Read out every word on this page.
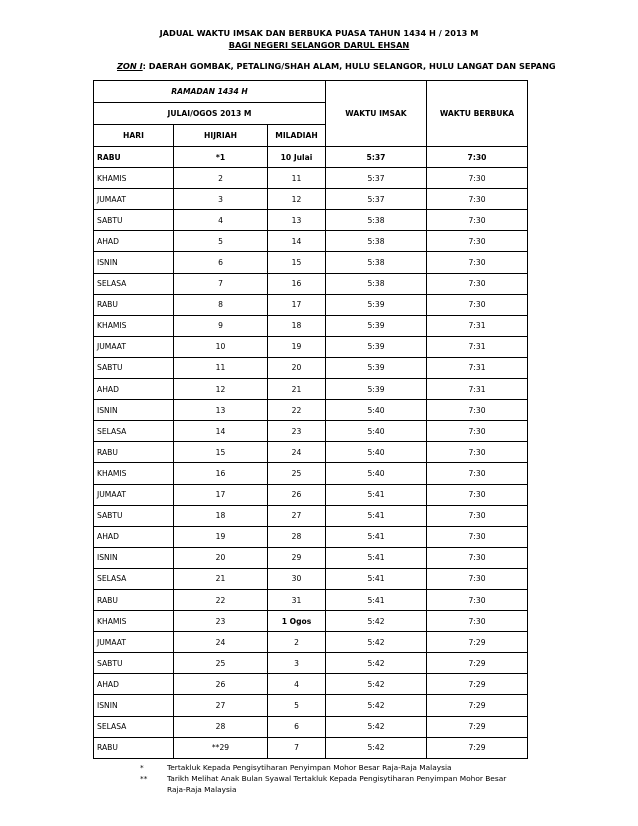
JADUAL WAKTU IMSAK DAN BERBUKA PUASA TAHUN 1434 H / 2013 M
BAGI NEGERI SELANGOR DARUL EHSAN
ZON I: DAERAH GOMBAK, PETALING/SHAH ALAM, HULU SELANGOR, HULU LANGAT DAN SEPANG
RAMADAN 1434 H			WAKTU IMSAK	WAKTU BERBUKA
JULAI/OGOS 2013 M				
HARI	HIJRIAH	MILADIAH		
RABU	*1	10 Julai	5:37	7:30
KHAMIS	2	11	5:37	7:30
JUMAAT	3	12	5:37	7:30
SABTU	4	13	5:38	7:30
AHAD	5	14	5:38	7:30
ISNIN	6	15	5:38	7:30
SELASA	7	16	5:38	7:30
RABU	8	17	5:39	7:30
KHAMIS	9	18	5:39	7:31
JUMAAT	10	19	5:39	7:31
SABTU	11	20	5:39	7:31
AHAD	12	21	5:39	7:31
ISNIN	13	22	5:40	7:30
SELASA	14	23	5:40	7:30
RABU	15	24	5:40	7:30
KHAMIS	16	25	5:40	7:30
JUMAAT	17	26	5:41	7:30
SABTU	18	27	5:41	7:30
AHAD	19	28	5:41	7:30
ISNIN	20	29	5:41	7:30
SELASA	21	30	5:41	7:30
RABU	22	31	5:41	7:30
KHAMIS	23	1 Ogos	5:42	7:30
JUMAAT	24	2	5:42	7:29
SABTU	25	3	5:42	7:29
AHAD	26	4	5:42	7:29
ISNIN	27	5	5:42	7:29
SELASA	28	6	5:42	7:29
RABU	**29	7	5:42	7:29
*	Tertakluk Kepada Pengisytiharan Penyimpan Mohor Besar Raja-Raja Malaysia
**	Tarikh Melihat Anak Bulan Syawal Tertakluk Kepada Pengisytiharan Penyimpan Mohor Besar Raja-Raja Malaysia
